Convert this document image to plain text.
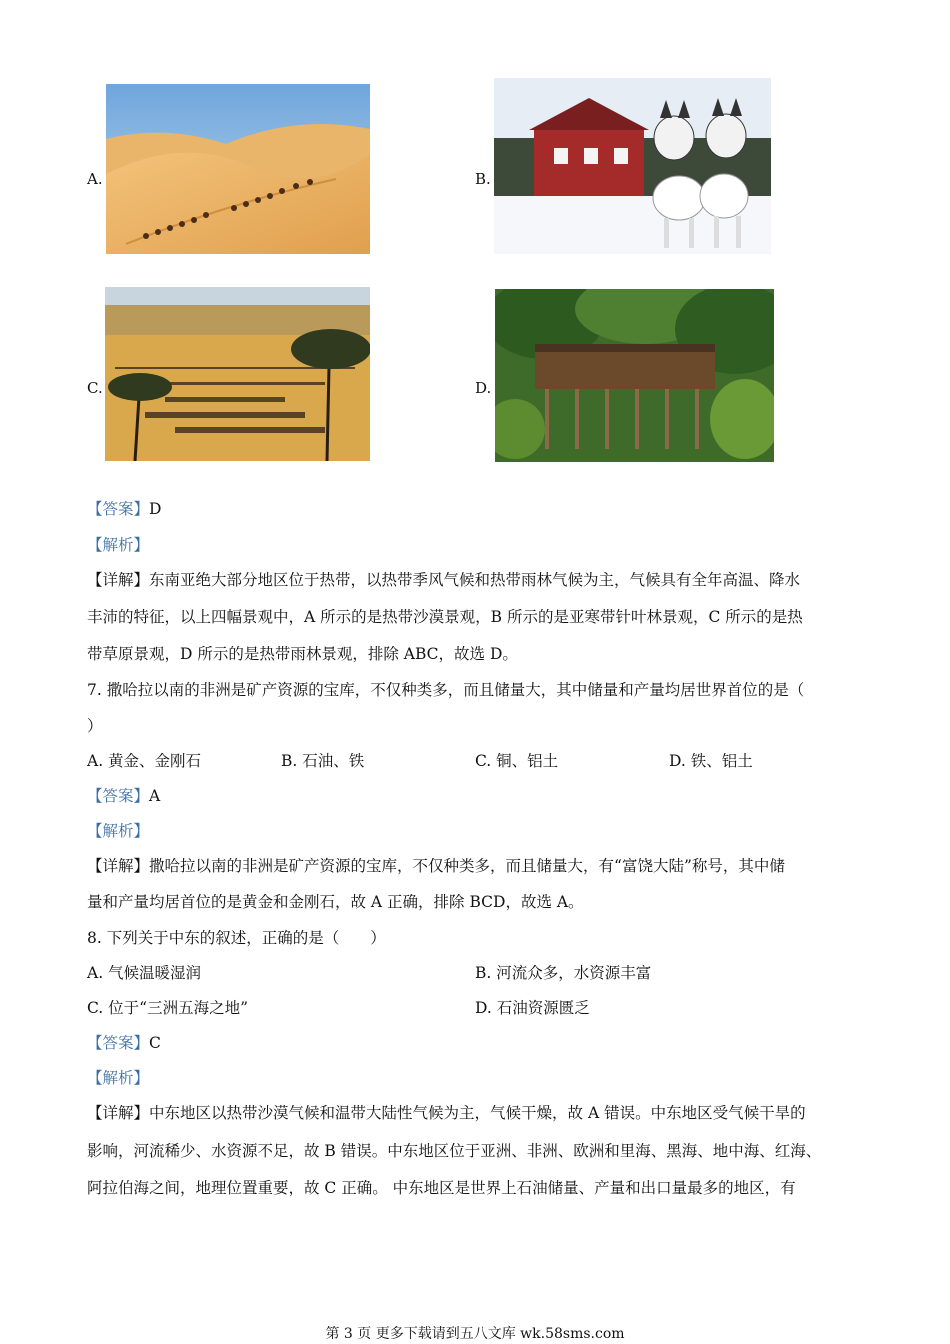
A.	B.
C.	D.
【答案】D
【解析】
【详解】东南亚绝大部分地区位于热带，以热带季风气候和热带雨林气候为主，气候具有全年高温、降水
丰沛的特征，以上四幅景观中，A 所示的是热带沙漠景观，B 所示的是亚寒带针叶林景观，C 所示的是热
带草原景观，D 所示的是热带雨林景观，排除 ABC，故选 D。
7. 撒哈拉以南的非洲是矿产资源的宝库，不仅种类多，而且储量大，其中储量和产量均居世界首位的是（
）
A. 黄金、金刚石	B. 石油、铁	C. 铜、铝土	D. 铁、铝土
【答案】A
【解析】
【详解】撒哈拉以南的非洲是矿产资源的宝库，不仅种类多，而且储量大，有“富饶大陆”称号，其中储
量和产量均居首位的是黄金和金刚石，故 A 正确，排除 BCD，故选 A。
8. 下列关于中东的叙述，正确的是（　　）
A. 气候温暖湿润	B. 河流众多，水资源丰富
C. 位于“三洲五海之地”	D. 石油资源匮乏
【答案】C
【解析】
【详解】中东地区以热带沙漠气候和温带大陆性气候为主，气候干燥，故 A 错误。中东地区受气候干旱的
影响，河流稀少、水资源不足，故 B 错误。中东地区位于亚洲、非洲、欧洲和里海、黑海、地中海、红海、
阿拉伯海之间，地理位置重要，故 C 正确。 中东地区是世界上石油储量、产量和出口量最多的地区，有
第 3 页 更多下载请到五八文库 wk.58sms.com
